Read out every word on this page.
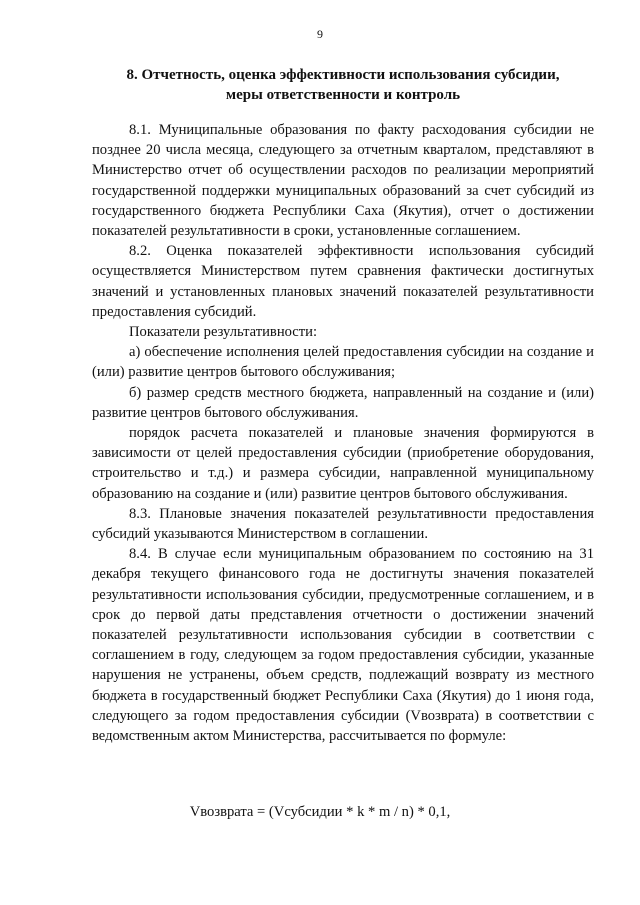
9
8. Отчетность, оценка эффективности использования субсидии,
меры ответственности и контроль

8.1. Муниципальные образования по факту расходования субсидии не позднее 20 числа месяца, следующего за отчетным кварталом, представляют в Министерство отчет об осуществлении расходов по реализации мероприятий государственной поддержки муниципальных образований за счет субсидий из государственного бюджета Республики Саха (Якутия), отчет о достижении показателей результативности в сроки, установленные соглашением.

8.2. Оценка показателей эффективности использования субсидий осуществляется Министерством путем сравнения фактически достигнутых значений и установленных плановых значений показателей результативности предоставления субсидий.

Показатели результативности:

а) обеспечение исполнения целей предоставления субсидии на создание и (или) развитие центров бытового обслуживания;

б) размер средств местного бюджета, направленный на создание и (или) развитие центров бытового обслуживания.

порядок расчета показателей и плановые значения формируются в зависимости от целей предоставления субсидии (приобретение оборудования, строительство и т.д.) и размера субсидии, направленной муниципальному образованию на создание и (или) развитие центров бытового обслуживания.

8.3. Плановые значения показателей результативности предоставления субсидий указываются Министерством в соглашении.

8.4. В случае если муниципальным образованием по состоянию на 31 декабря текущего финансового года не достигнуты значения показателей результативности использования субсидии, предусмотренные соглашением, и в срок до первой даты представления отчетности о достижении значений показателей результативности использования субсидии в соответствии с соглашением в году, следующем за годом предоставления субсидии, указанные нарушения не устранены, объем средств, подлежащий возврату из местного бюджета в государственный бюджет Республики Саха (Якутия) до 1 июня года, следующего за годом предоставления субсидии (Vвозврата) в соответствии с ведомственным актом Министерства, рассчитывается по формуле:

Vвозврата = (Vсубсидии * k * m / n) * 0,1,
